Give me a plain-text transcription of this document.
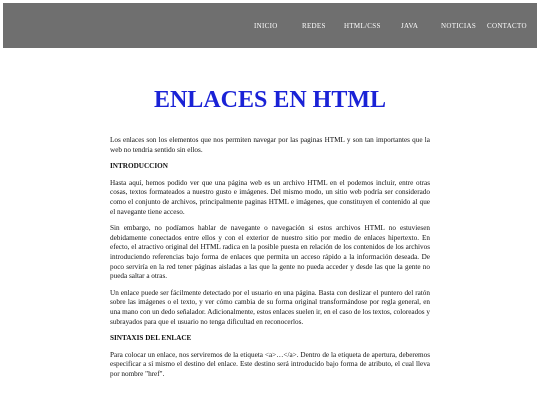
INICIO	REDES	HTML/CSS	JAVA	NOTICIAS CONTACTO
ENLACES EN HTML

Los enlaces son los elementos que nos permiten navegar por las paginas HTML y son tan importantes que la web no tendria sentido sin ellos.

INTRODUCCION

Hasta aquí, hemos podido ver que una página web es un archivo HTML en el podemos incluir, entre otras cosas, textos formateados a nuestro gusto e imágenes. Del mismo modo, un sitio web podría ser considerado como el conjunto de archivos, principalmente paginas HTML e imágenes, que constituyen el contenido al que el navegante tiene acceso.

Sin embargo, no podíamos hablar de navegante o navegación si estos archivos HTML no estuviesen debidamente conectados entre ellos y con el exterior de nuestro sitio por medio de enlaces hipertexto. En efecto, el atractivo original del HTML radica en la posible puesta en relación de los contenidos de los archivos introduciendo referencias bajo forma de enlaces que permita un acceso rápido a la información deseada. De poco serviría en la red tener páginas aisladas a las que la gente no pueda acceder y desde las que la gente no pueda saltar a otras.

Un enlace puede ser fácilmente detectado por el usuario en una página. Basta con deslizar el puntero del ratón sobre las imágenes o el texto, y ver cómo cambia de su forma original transformándose por regla general, en una mano con un dedo señalador. Adicionalmente, estos enlaces suelen ir, en el caso de los textos, coloreados y subrayados para que el usuario no tenga dificultad en reconocerlos.

SINTAXIS DEL ENLACE

Para colocar un enlace, nos serviremos de la etiqueta <a>…</a>. Dentro de la etiqueta de apertura, deberemos especificar a sí mismo el destino del enlace. Este destino será introducido bajo forma de atributo, el cual lleva por nombre "href".
